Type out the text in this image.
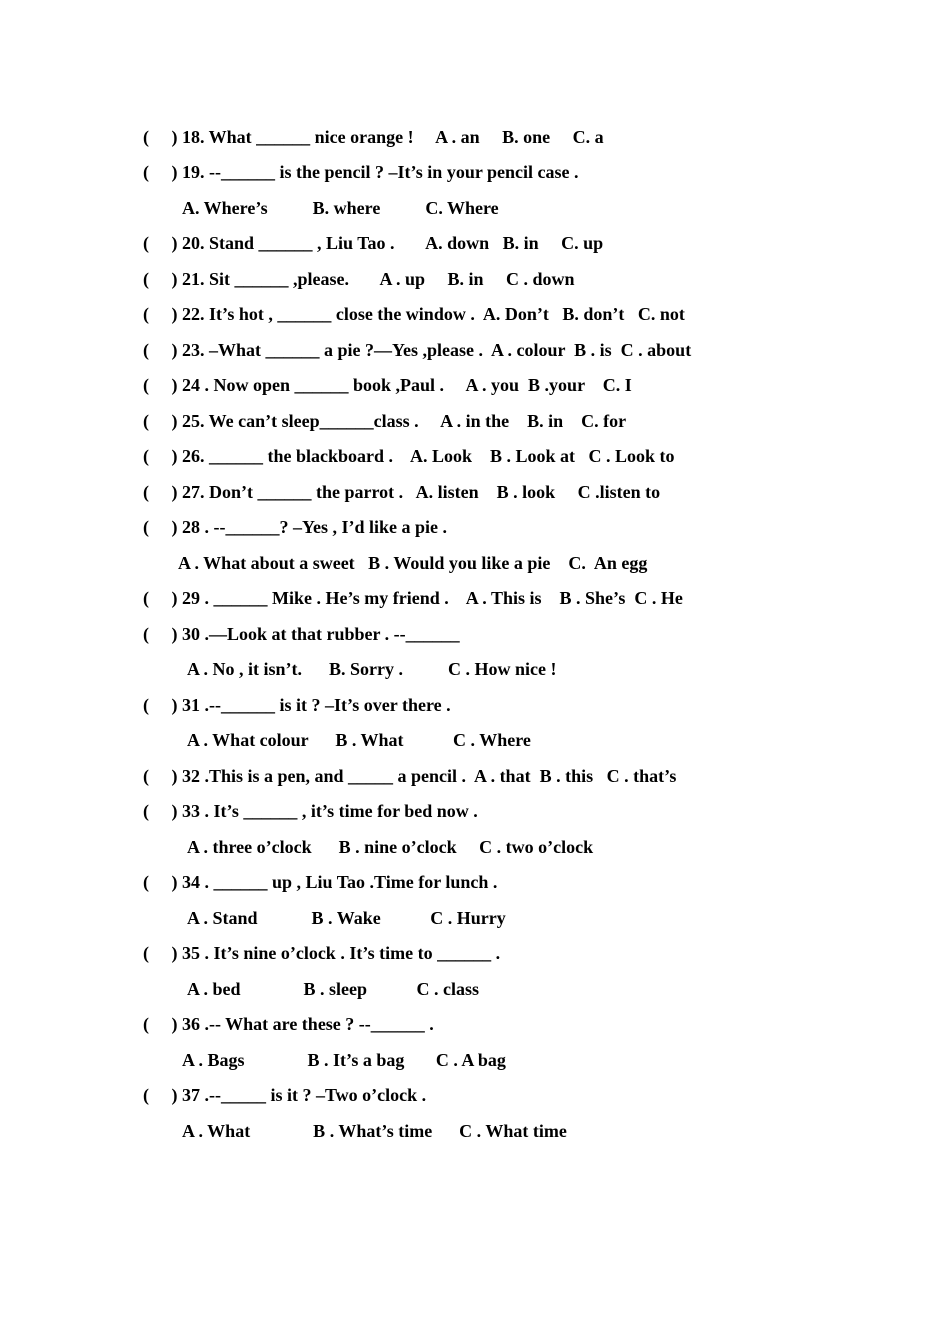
(     ) 18. What ______ nice orange !     A . an     B. one     C. a
(     ) 19. --______ is the pencil ? –It’s in your pencil case .
A. Where’s          B. where          C. Where
(     ) 20. Stand ______ , Liu Tao .       A. down   B. in     C. up
(     ) 21. Sit ______ ,please.       A . up     B. in     C . down
(     ) 22. It’s hot , ______ close the window .  A. Don’t   B. don’t   C. not
(     ) 23. –What ______ a pie ?—Yes ,please .  A . colour  B . is  C . about
(     ) 24 . Now open ______ book ,Paul .     A . you  B .your    C. I
(     ) 25. We can’t sleep______class .     A . in the    B. in    C. for
(     ) 26. ______ the blackboard .    A. Look    B . Look at   C . Look to
(     ) 27. Don’t ______ the parrot .   A. listen    B . look     C .listen to
(     ) 28 . --______? –Yes , I’d like a pie .
A . What about a sweet   B . Would you like a pie    C.  An egg
(     ) 29 . ______ Mike . He’s my friend .    A . This is    B . She’s  C . He
(     ) 30 .—Look at that rubber . --______
A . No , it isn’t.      B. Sorry .          C . How nice !
(     ) 31 .--______ is it ? –It’s over there .
A . What colour      B . What           C . Where
(     ) 32 .This is a pen, and _____ a pencil .  A . that  B . this   C . that’s
(     ) 33 . It’s ______ , it’s time for bed now .
A . three o’clock      B . nine o’clock     C . two o’clock
(     ) 34 . ______ up , Liu Tao .Time for lunch .
A . Stand            B . Wake           C . Hurry
(     ) 35 . It’s nine o’clock . It’s time to ______ .
A . bed              B . sleep           C . class
(     ) 36 .-- What are these ? --______ .
A . Bags              B . It’s a bag       C . A bag
(     ) 37 .--_____ is it ? –Two o’clock .
A . What              B . What’s time      C . What time
